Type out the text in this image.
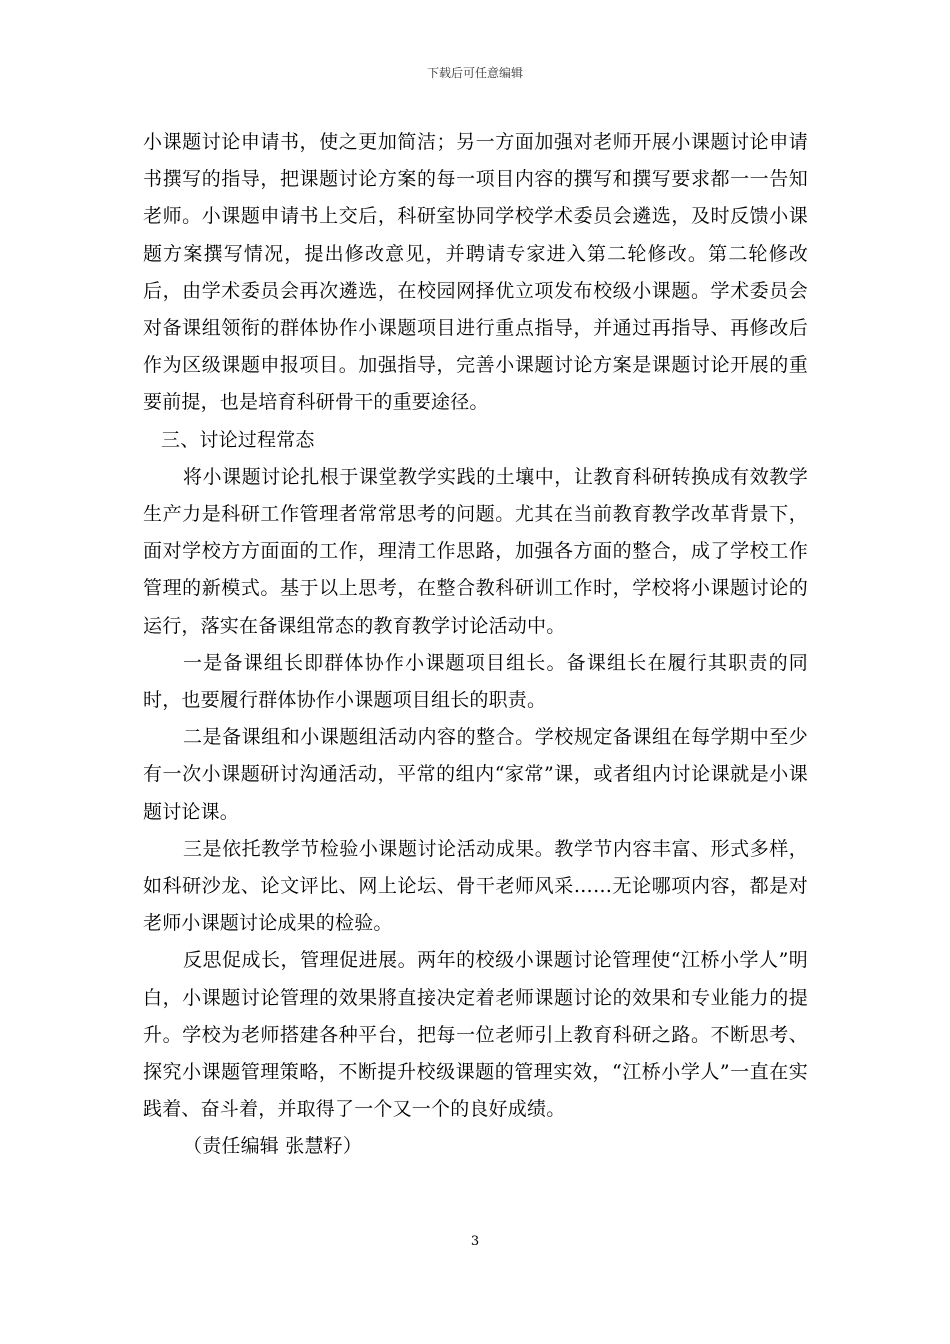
下载后可任意编辑

小课题讨论申请书，使之更加简洁；另一方面加强对老师开展小课题讨论申请书撰写的指导，把课题讨论方案的每一项目内容的撰写和撰写要求都一一告知老师。小课题申请书上交后，科研室协同学校学术委员会遴选，及时反馈小课题方案撰写情况，提出修改意见，并聘请专家进入第二轮修改。第二轮修改后，由学术委员会再次遴选，在校园网择优立项发布校级小课题。学术委员会对备课组领衔的群体协作小课题项目进行重点指导，并通过再指导、再修改后作为区级课题申报项目。加强指导，完善小课题讨论方案是课题讨论开展的重要前提，也是培育科研骨干的重要途径。

三、讨论过程常态

将小课题讨论扎根于课堂教学实践的土壤中，让教育科研转换成有效教学生产力是科研工作管理者常常思考的问题。尤其在当前教育教学改革背景下，面对学校方方面面的工作，理清工作思路，加强各方面的整合，成了学校工作管理的新模式。基于以上思考，在整合教科研训工作时，学校将小课题讨论的运行，落实在备课组常态的教育教学讨论活动中。

一是备课组长即群体协作小课题项目组长。备课组长在履行其职责的同时，也要履行群体协作小课题项目组长的职责。

二是备课组和小课题组活动内容的整合。学校规定备课组在每学期中至少有一次小课题研讨沟通活动，平常的组内“家常”课，或者组内讨论课就是小课题讨论课。

三是依托教学节检验小课题讨论活动成果。教学节内容丰富、形式多样，如科研沙龙、论文评比、网上论坛、骨干老师风采……无论哪项内容，都是对老师小课题讨论成果的检验。

反思促成长，管理促进展。两年的校级小课题讨论管理使“江桥小学人”明白，小课题讨论管理的效果將直接决定着老师课题讨论的效果和专业能力的提升。学校为老师搭建各种平台，把每一位老师引上教育科研之路。不断思考、探究小课题管理策略，不断提升校级课题的管理实效，“江桥小学人”一直在实践着、奋斗着，并取得了一个又一个的良好成绩。

（责任编辑 张慧籽）

3
